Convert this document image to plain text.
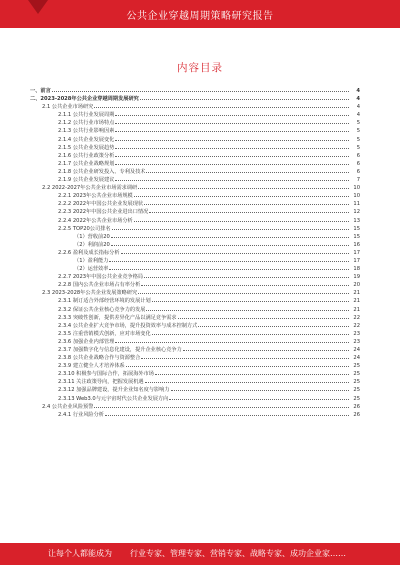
公共企业穿越周期策略研究报告
内容目录
一、前言	4
二、2023-2028年公共企业穿越周期发展研究	4
2.1 公共企业市场研究	4
2.1.1 公共行业发展周期	4
2.1.2 公共行业市场特点	5
2.1.3 公共行业影响因素	5
2.1.4 公共企业发展变化	5
2.1.5 公共企业发展趋势	5
2.1.6 公共行业政策分析	6
2.1.7 公共企业战略规划	6
2.1.8 公共企业研发投入、专利及技术	6
2.1.9 公共企业发展建议	7
2.2 2022-2027年公共企业市场需求调研	10
2.2.1 2023年公共企业市场规模	10
2.2.2 2022年中国公共企业发展现状	11
2.2.3 2022年中国公共企业进出口情况	12
2.2.4 2022年公共企业市场分析	13
2.2.5 TOP20公司排名	15
（1）营收前20	15
（2）利润前20	16
2.2.6 盈利及成长指标分析	17
（1）盈利能力	17
（2）运营效率	18
2.2.7 2023年中国公共企业竞争格局	19
2.2.8 国内公共企业市场占有率分析	20
2.3 2023-2028年公共企业发展策略研究	21
2.3.1 制订适合外部经营环境的发展计划	21
2.3.2 保证公共企业核心竞争力的发展	21
2.3.3 突破性创新，提供差异化产品以满足竞争需求	22
2.3.4 公共企业扩大竞争市场，提升投资效率与成本控制方式	22
2.3.5 注重营销模式创新，应对市场变化	23
2.3.6 加强企业内部管理	23
2.3.7 加强数字化与信息化建设，提升企业核心竞争力	24
2.3.8 公共企业战略合作与资源整合	24
2.3.9 建立健全人才培养体系	25
2.3.10 积极参与国际合作，拓展海外市场	25
2.3.11 关注政策导向，把握发展机遇	25
2.3.12 加强品牌建设，提升企业知名度与影响力	25
2.3.13 Web3.0与元宇宙时代公共企业发展方向	25
2.4 公共企业风险预警	26
2.4.1 行业风险分析	26
让每个人都能成为 行业专家、管理专家、营销专家、战略专家、成功企业家……
